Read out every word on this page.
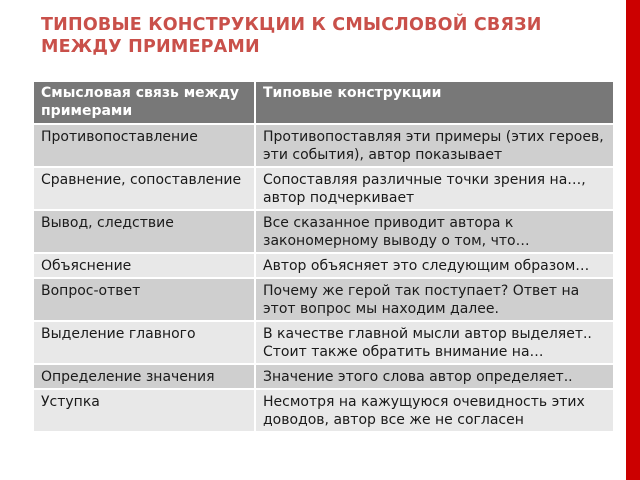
ТИПОВЫЕ КОНСТРУКЦИИ К СМЫСЛОВОЙ СВЯЗИ МЕЖДУ ПРИМЕРАМИ
Смысловая связь между примерами	Типовые конструкции
Противопоставление	Противопоставляя эти примеры (этих героев, эти события), автор показывает
Сравнение, сопоставление	Сопоставляя различные точки зрения на…, автор подчеркивает
Вывод, следствие	Все сказанное приводит автора к закономерному выводу о том, что…
Объяснение	Автор объясняет это следующим образом…
Вопрос-ответ	Почему же герой так поступает? Ответ на этот вопрос мы находим далее.
Выделение главного	В качестве главной мысли автор выделяет.. Стоит также обратить внимание на…
Определение значения	Значение этого слова автор определяет..
Уступка	Несмотря на кажущуюся очевидность этих доводов, автор все же не согласен
